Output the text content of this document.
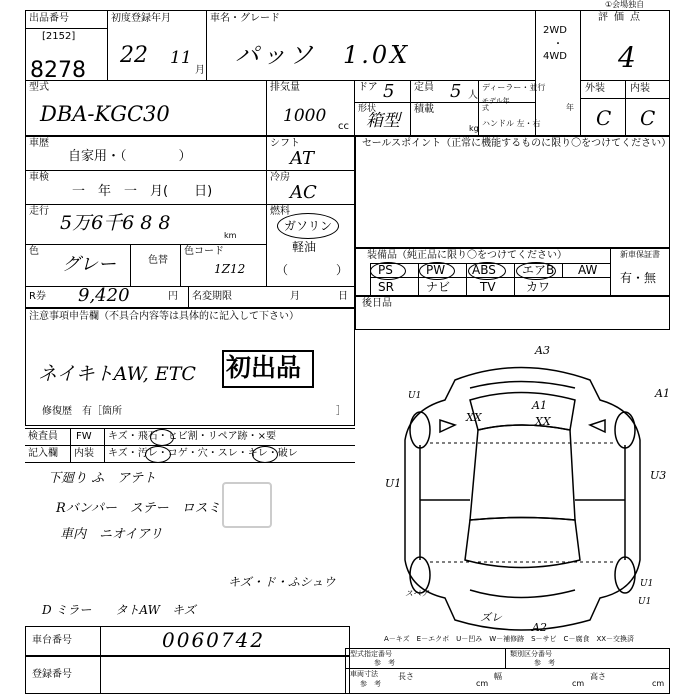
出品番号
[2152]
8278
初度登録年月
22 11
月
車名・グレード
パッソ　1.0X
2WD
・
4WD
評価点
4
①会場独自
型式
DBA-KGC30
排気量
1000
cc
ドア 5 定員 5 人
形状
箱型
積載
kg
ディーラー・並行
モデル年式	年
ハンドル 左・右
外装	内装
C C
車歴
自家用・（　　　　）
シフト
AT
車検
一　年　一　月(　　日)
冷房
AC
走行
5万6千6 8 8
km
燃料
ガソリン
軽油
（　　　　）
色
グレー	色替
色コード
1Z12
R券 9,420	円 名変期限	月	日
注意事項申告欄（不具合内容等は具体的に記入して下さい）
ネイキトAW, ETC 初出品
修復歴　有［箇所	］
セールスポイント（正常に機能するものに限り〇をつけてください）
装備品（純正品に限り〇をつけてください）	新車保証書
有・無
PS	PW ABS エアB AW
SR	ナビ TV	カワ
後日品
検査員
記入欄
FW キズ・飛石・ヒビ割・リペア跡・×要
内装 キズ・汚レ・コゲ・穴・スレ・キレ・破レ
下廻り ふ　アテト
Rバンパー　ステー　ロスミ
車内　ニオイアリ
キズ・ド・ふシュウ
D ミラー　　タトAW　キズ
A3
A1
A1
XX	XX
U1
U1
U3
U1
スペア
ズレ
A2
U1
A－キズ　E－エクボ　U－凹み　W－補修跡　S－サビ　C－腐食　XX－交換済
車台番号	0060742
登録番号
型式指定番号
参　考
類別区分番号
参　考
車両寸法
参　考
長さ
cm
幅
cm
高さ
cm
